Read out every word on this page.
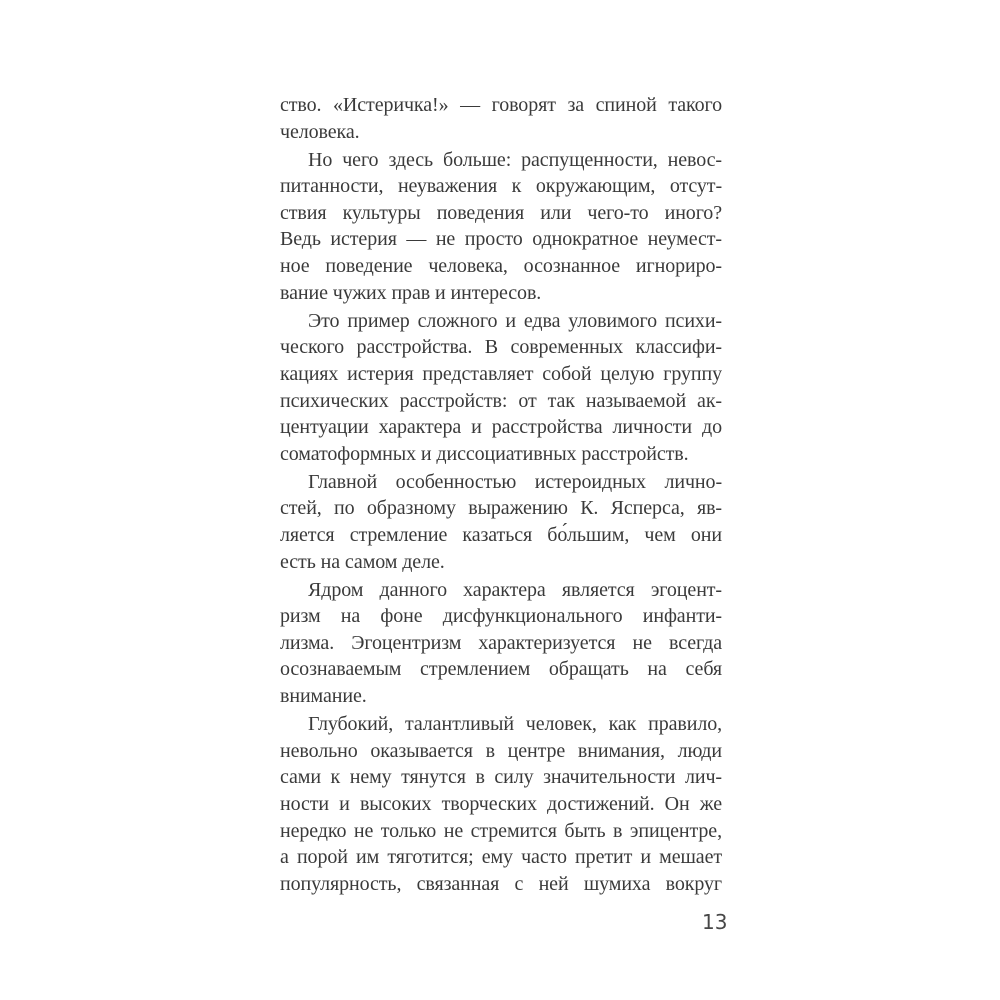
ство. «Истеричка!» — говорят за спиной такого
человека.
Но чего здесь больше: распущенности, невос-
питанности, неуважения к окружающим, отсут-
ствия культуры поведения или чего-то иного?
Ведь истерия — не просто однократное неумест-
ное поведение человека, осознанное игнориро-
вание чужих прав и интересов.
Это пример сложного и едва уловимого психи-
ческого расстройства. В современных классифи-
кациях истерия представляет собой целую группу
психических расстройств: от так называемой ак-
центуации характера и расстройства личности до
соматоформных и диссоциативных расстройств.
Главной особенностью истероидных лично-
стей, по образному выражению К. Ясперса, яв-
ляется стремление казаться бо́льшим, чем они
есть на самом деле.
Ядром данного характера является эгоцент-
ризм на фоне дисфункционального инфанти-
лизма. Эгоцентризм характеризуется не всегда
осознаваемым стремлением обращать на себя
внимание.
Глубокий, талантливый человек, как правило,
невольно оказывается в центре внимания, люди
сами к нему тянутся в силу значительности лич-
ности и высоких творческих достижений. Он же
нередко не только не стремится быть в эпицентре,
а порой им тяготится; ему часто претит и мешает
популярность, связанная с ней шумиха вокруг
13
